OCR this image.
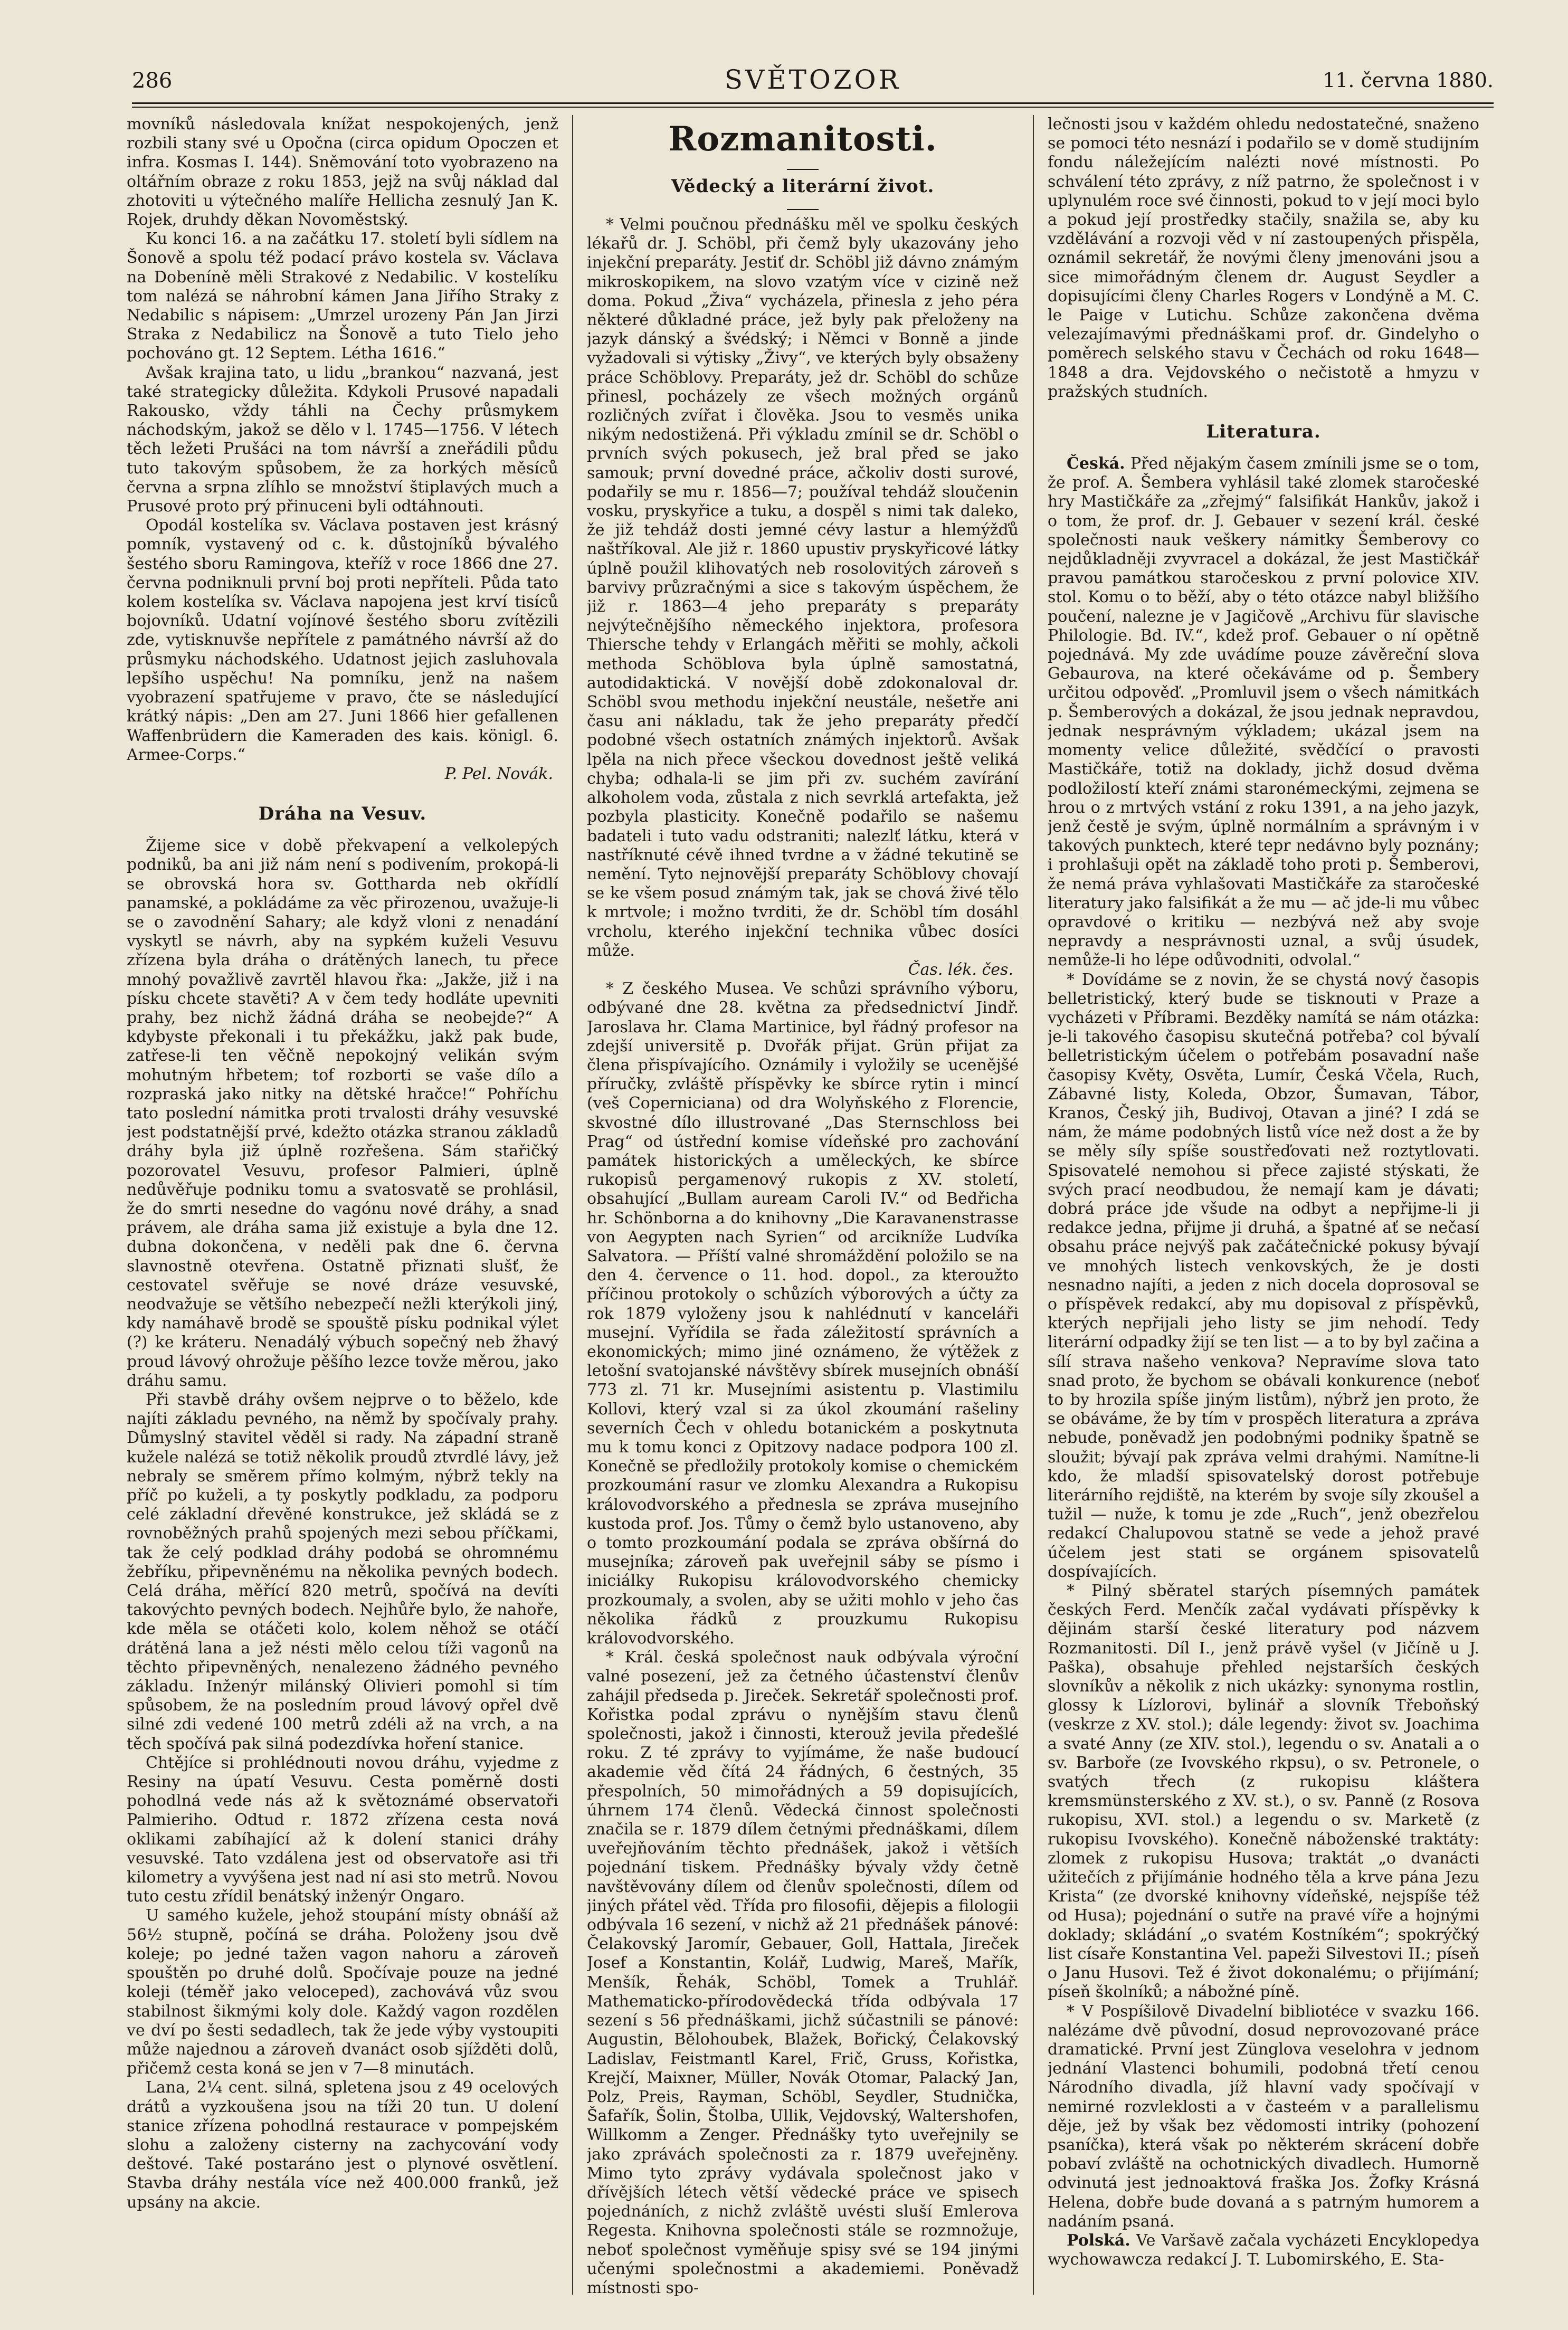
286	SVĚTOZOR	11. června 1880.

movníků následovala knížat nespokojených, jenž rozbili stany své u Opočna (circa opidum Opoczen et infra. Kosmas I. 144). Sněmování toto vyobrazeno na oltářním obraze z roku 1853, jejž na svůj náklad dal zhotoviti u výtečného malíře Hellicha zesnulý Jan K. Rojek, druhdy děkan Novoměstský.

Ku konci 16. a na začátku 17. století byli sídlem na Šonově a spolu též podací právo kostela sv. Václava na Dobeníně měli Strakové z Nedabilic. V kostelíku tom nalézá se náhrobní kámen Jana Jiřího Straky z Nedabilic s nápisem: „Umrzel urozeny Pán Jan Jirzi Straka z Nedabilicz na Šonově a tuto Tielo jeho pochováno gt. 12 Septem. Létha 1616.“

Avšak krajina tato, u lidu „brankou“ nazvaná, jest také strategicky důležita. Kdykoli Prusové napadali Rakousko, vždy táhli na Čechy průsmykem náchodským, jakož se dělo v l. 1745—1756. V létech těch ležeti Prušáci na tom návrší a zneřádili půdu tuto takovým spůsobem, že za horkých měsíců června a srpna zlíhlo se množství štiplavých much a Prusové proto prý přinuceni byli odtáhnouti.

Opodál kostelíka sv. Václava postaven jest krásný pomník, vystavený od c. k. důstojníků bývalého šestého sboru Ramingova, kteříž v roce 1866 dne 27. června podniknuli první boj proti nepříteli. Půda tato kolem kostelíka sv. Václava napojena jest krví tisíců bojovníků. Udatní vojínové šestého sboru zvítězili zde, vytisknuvše nepřítele z památného návrší až do průsmyku náchodského. Udatnost jejich zasluhovala lepšího uspěchu! Na pomníku, jenž na našem vyobrazení spatřujeme v pravo, čte se následující krátký nápis: „Den am 27. Juni 1866 hier gefallenen Waffenbrüdern die Kameraden des kais. königl. 6. Armee-Corps.“

P. Pel. Novák.
Dráha na Vesuv.

Žijeme sice v době překvapení a velkolepých podniků, ba ani již nám není s podivením, prokopá-li se obrovská hora sv. Gottharda neb okřídlí panamské, a pokládáme za věc přirozenou, uvažuje-li se o zavodnění Sahary; ale když vloni z nenadání vyskytl se návrh, aby na sypkém kuželi Vesuvu zřízena byla dráha o drátěných lanech, tu přece mnohý považlivě zavrtěl hlavou řka: „Jakže, již i na písku chcete stavěti? A v čem tedy hodláte upevniti prahy, bez nichž žádná dráha se neobejde?“ A kdybyste překonali i tu překážku, jakž pak bude, zatřese-li ten věčně nepokojný velikán svým mohutným hřbetem; tof rozborti se vaše dílo a rozpraská jako nitky na dětské hračce!“ Pohříchu tato poslední námitka proti trvalosti dráhy vesuvské jest podstatnější prvé, kdežto otázka stranou základů dráhy byla již úplně rozřešena. Sám stařičký pozorovatel Vesuvu, profesor Palmieri, úplně nedůvěřuje podniku tomu a svatosvatě se prohlásil, že do smrti nesedne do vagónu nové dráhy, a snad právem, ale dráha sama již existuje a byla dne 12. dubna dokončena, v neděli pak dne 6. června slavnostně otevřena. Ostatně přiznati slušť, že cestovatel svěřuje se nové dráze vesuvské, neodvažuje se většího nebezpečí nežli kterýkoli jiný, kdy namáhavě brodě se spouště písku podnikal výlet (?) ke kráteru. Nenadálý výbuch sopečný neb žhavý proud lávový ohrožuje pěšího lezce tovže měrou, jako dráhu samu.

Při stavbě dráhy ovšem nejprve o to běželo, kde najíti základu pevného, na němž by spočívaly prahy. Důmyslný stavitel věděl si rady. Na západní straně kužele nalézá se totiž několik proudů ztvrdlé lávy, jež nebraly se směrem přímo kolmým, nýbrž tekly na příč po kuželi, a ty poskytly podkladu, za podporu celé základní dřevěné konstrukce, jež skládá se z rovnoběžných prahů spojených mezi sebou příčkami, tak že celý podklad dráhy podobá se ohromnému žebříku, připevněnému na několika pevných bodech. Celá dráha, měřící 820 metrů, spočívá na devíti takovýchto pevných bodech. Nejhůře bylo, že nahoře, kde měla se otáčeti kolo, kolem něhož se otáčí drátěná lana a jež nésti mělo celou tíži vagonů na těchto připevněných, nenalezeno žádného pevného základu. Inženýr milánský Olivieri pomohl si tím spůsobem, že na posledním proud lávový opřel dvě silné zdi vedené 100 metrů zdéli až na vrch, a na těch spočívá pak silná podezdívka hoření stanice.

Chtějíce si prohlédnouti novou dráhu, vyjedme z Resiny na úpatí Vesuvu. Cesta poměrně dosti pohodlná vede nás až k světoznámé observatoři Palmieriho. Odtud r. 1872 zřízena cesta nová oklikami zabíhající až k dolení stanici dráhy vesuvské. Tato vzdálena jest od observatoře asi tři kilometry a vyvýšena jest nad ní asi sto metrů. Novou tuto cestu zřídil benátský inženýr Ongaro.

U samého kužele, jehož stoupání místy obnáší až 56½ stupně, počíná se dráha. Položeny jsou dvě koleje; po jedné tažen vagon nahoru a zároveň spouštěn po druhé dolů. Spočívaje pouze na jedné koleji (téměř jako veloceped), zachovává vůz svou stabilnost šikmými koly dole. Každý vagon rozdělen ve dví po šesti sedadlech, tak že jede výby vystoupiti může najednou a zároveň dvanáct osob sjížděti dolů, přičemž cesta koná se jen v 7—8 minutách.

Lana, 2¼ cent. silná, spletena jsou z 49 ocelových drátů a vyzkoušena jsou na tíži 20 tun. U dolení stanice zřízena pohodlná restaurace v pompejském slohu a založeny cisterny na zachycování vody deštové. Také postaráno jest o plynové osvětlení. Stavba dráhy nestála více než 400.000 franků, jež upsány na akcie.

Rozmanitosti.
Vědecký a literární život.

* Velmi poučnou přednášku měl ve spolku českých lékařů dr. J. Schöbl, při čemž byly ukazovány jeho injekční preparáty. Jestiť dr. Schöbl již dávno známým mikroskopikem, na slovo vzatým více v cizině než doma. Pokud „Živa“ vycházela, přinesla z jeho péra některé důkladné práce, jež byly pak přeloženy na jazyk dánský a švédský; i Němci v Bonně a jinde vyžadovali si výtisky „Živy“, ve kterých byly obsaženy práce Schöblovy. Preparáty, jež dr. Schöbl do schůze přinesl, pocházely ze všech možných orgánů rozličných zvířat i člověka. Jsou to vesměs unika nikým nedostižená. Při výkladu zmínil se dr. Schöbl o prvních svých pokusech, jež bral před se jako samouk; první dovedné práce, ačkoliv dosti surové, podařily se mu r. 1856—7; používal tehdáž sloučenin vosku, pryskyřice a tuku, a dospěl s nimi tak daleko, že již tehdáž dosti jemné cévy lastur a hlemýžďů naštříkoval. Ale již r. 1860 upustiv pryskyřicové látky úplně použil klihovatých neb rosolovitých zároveň s barvivy průzračnými a sice s takovým úspěchem, že již r. 1863—4 jeho preparáty s preparáty nejvýtečnějšího německého injektora, profesora Thiersche tehdy v Erlangách měřiti se mohly, ačkoli methoda Schöblova byla úplně samostatná, autodidaktická. V novější době zdokonaloval dr. Schöbl svou methodu injekční neustále, nešetře ani času ani nákladu, tak že jeho preparáty předčí podobné všech ostatních známých injektorů. Avšak lpěla na nich přece všeckou dovednost ještě veliká chyba; odhala-li se jim při zv. suchém zavírání alkoholem voda, zůstala z nich sevrklá artefakta, jež pozbyla plasticity. Konečně podařilo se našemu badateli i tuto vadu odstraniti; nalezlť látku, která v nastříknuté cévě ihned tvrdne a v žádné tekutině se nemění. Tyto nejnovější preparáty Schöblovy chovají se ke všem posud známým tak, jak se chová živé tělo k mrtvole; i možno tvrditi, že dr. Schöbl tím dosáhl vrcholu, kterého injekční technika vůbec dosíci může.

Čas. lék. čes.

* Z českého Musea. Ve schůzi správního výboru, odbývané dne 28. května za předsednictví Jindř. Jaroslava hr. Clama Martinice, byl řádný profesor na zdejší universitě p. Dvořák přijat. Grün přijat za člena přispívajícího. Oznámily i vyložily se ucenějšé příručky, zvláště příspěvky ke sbírce rytin i mincí (veš Copernicianа) od dra Wolyňského z Florencie, skvostné dílo illustrované „Das Sternschloss bei Prag“ od ústřední komise vídeňské pro zachování památek historických a uměleckých, ke sbírce rukopisů pergamenový rukopis z XV. století, obsahující „Bullam auream Caroli IV.“ od Bedřicha hr. Schönborna a do knihovny „Die Karavanenstrasse von Aegypten nach Syrien“ od arcikníže Ludvíka Salvatora. — Příští valné shromáždění položilo se na den 4. července o 11. hod. dopol., za kteroužto příčinou protokoly o schůzích výborových a účty za rok 1879 vyloženy jsou k nahlédnutí v kanceláři musejní. Vyřídila se řada záležitostí správních a ekonomických; mimo jiné oznámeno, že výtěžek z letošní svatojanské návštěvy sbírek musejních obnáší 773 zl. 71 kr. Musejními asistentu p. Vlastimilu Kollovi, který vzal si za úkol zkoumání rašeliny severních Čech v ohledu botanickém a poskytnuta mu k tomu konci z Opitzovy nadace podpora 100 zl. Konečně se předložily protokoly komise o chemickém prozkoumání rasur ve zlomku Alexandra a Rukopisu královodvorského a přednesla se zpráva musejního kustoda prof. Jos. Tůmy o čemž bylo ustanoveno, aby o tomto prozkoumání podala se zpráva obšírná do musejníka; zároveň pak uveřejnil sáby se písmo i iniciálky Rukopisu královodvorského chemicky prozkoumaly, a svolen, aby se užiti mohlo v jeho čas několika řádků z prouzkumu Rukopisu královodvorského.

* Král. česká společnost nauk odbývala výroční valné posezení, jež za četného účastenství členův zahájil předseda p. Jireček. Sekretář společnosti prof. Kořistka podal zprávu o nynějším stavu členů společnosti, jakož i činnosti, kterouž jevila předešlé roku. Z té zprávy to vyjímáme, že naše budoucí akademie věd čítá 24 řádných, 6 čestných, 35 přespolních, 50 mimořádných a 59 dopisujících, úhrnem 174 členů. Vědecká činnost společnosti značila se r. 1879 dílem četnými přednáškami, dílem uveřejňováním těchto přednášek, jakož i větších pojednání tiskem. Přednášky bývaly vždy četně navštěvovány dílem od členův společnosti, dílem od jiných přátel věd. Třída pro filosofii, dějepis a filologii odbývala 16 sezení, v nichž až 21 přednášek pánové: Čelakovský Jaromír, Gebauer, Goll, Hattala, Jireček Josef a Konstantin, Kolář, Ludwig, Mareš, Mařík, Menšík, Řehák, Schöbl, Tomek a Truhlář. Mathematicko-přírodovědecká třída odbývala 17 sezení s 56 přednáškami, jichž súčastnili se pánové: Augustin, Bělohoubek, Blažek, Bořický, Čelakovský Ladislav, Feistmantl Karel, Frič, Gruss, Kořistka, Krejčí, Maixner, Müller, Novák Otomar, Palacký Jan, Polz, Preis, Rayman, Schöbl, Seydler, Studnička, Šafařík, Šolin, Štolba, Ullik, Vejdovský, Waltershofen, Willkomm a Zenger. Přednášky tyto uveřejnily se jako zprávách společnosti za r. 1879 uveřejněny. Mimo tyto zprávy vydávala společnost jako v dřívějších létech větší vědecké práce ve spisech pojednáních, z nichž zvláště uvésti sluší Emlerova Regesta. Knihovna společnosti stále se rozmnožuje, neboť společnost vyměňuje spisy své se 194 jinými učenými společnostmi a akademiemi. Poněvadž místnosti spo-

lečnosti jsou v každém ohledu nedostatečné, snaženo se pomoci této nesnází i podařilo se v domě studijním fondu náležejícím nalézti nové místnosti. Po schválení této zprávy, z níž patrno, že společnost i v uplynulém roce své činnosti, pokud to v její moci bylo a pokud její prostředky stačily, snažila se, aby ku vzdělávání a rozvoji věd v ní zastoupených přispěla, oznámil sekretář, že novými členy jmenováni jsou a sice mimořádným členem dr. August Seydler a dopisujícími členy Charles Rogers v Londýně a M. C. le Paige v Lutichu. Schůze zakončena dvěma velezajímavými přednáškami prof. dr. Gindelyho o poměrech selského stavu v Čechách od roku 1648—1848 a dra. Vejdovského o nečistotě a hmyzu v pražských studních.

Literatura.

Česká. Před nějakým časem zmínili jsme se o tom, že prof. A. Šembera vyhlásil také zlomek staročeské hry Mastičkáře za „zřejmý“ falsifikát Hankův, jakož i o tom, že prof. dr. J. Gebauer v sezení král. české společnosti nauk veškery námitky Šemberovy co nejdůkladněji zvyvracel a dokázal, že jest Mastičkář pravou památkou staročeskou z první polovice XIV. stol. Komu o to běží, aby o této otázce nabyl bližšího poučení, nalezne je v Jagičově „Archivu für slavische Philologie. Bd. IV.“, kdež prof. Gebauer o ní opětně pojednává. My zde uvádíme pouze závěreční slova Gebaurova, na které očekáváme od p. Šembery určitou odpověď. „Promluvil jsem o všech námitkách p. Šemberových a dokázal, že jsou jednak nepravdou, jednak nesprávným výkladem; ukázal jsem na momenty velice důležité, svědčící o pravosti Mastičkáře, totiž na doklady, jichž dosud dvěma podložilostí kteří známi staronémeckými, zejmena se hrou o z mrtvých vstání z roku 1391, a na jeho jazyk, jenž čestě je svým, úplně normálním a správným i v takových punktech, které tepr nedávno byly poznány; i prohlašuji opět na základě toho proti p. Šemberovi, že nemá práva vyhlašovati Mastičkáře za staročeské literatury jako falsifikát a že mu — ač jde-li mu vůbec opravdové o kritiku — nezbývá než aby svoje nepravdy a nesprávnosti uznal, a svůj úsudek, nemůže-li ho lépe odůvodniti, odvolal.“

* Dovídáme se z novin, že se chystá nový časopis belletristický, který bude se tisknouti v Praze a vycházeti v Příbrami. Bezděky namítá se nám otázka: je-li takového časopisu skutečná potřeba? col bývalí belletristickým účelem o potřebám posavadní naše časopisy Květy, Osvěta, Lumír, Česká Včela, Ruch, Zábavné listy, Koleda, Obzor, Šumavan, Tábor, Kranos, Český jih, Budivoj, Otavan a jiné? I zdá se nám, že máme podobných listů více než dost a že by se měly síly spíše soustřeďovati než roztytlovati. Spisovatelé nemohou si přece zajisté stýskati, že svých prací neodbudou, že nemají kam je dávati; dobrá práce jde všude na odbyt a nepřijme-li ji redakce jedna, přijme ji druhá, a špatné ať se nečasí obsahu práce nejvýš pak začátečnické pokusy bývají ve mnohých listech venkovských, že je dosti nesnadno najíti, a jeden z nich docela doprosoval se o příspěvek redakcí, aby mu dopisoval z příspěvků, kterých nepřijali jeho listy se jim nehodí. Tedy literární odpadky žijí se ten list — a to by byl začina a sílí strava našeho venkova? Nepravíme slova tato snad proto, že bychom se obávali konkurence (neboť to by hrozila spíše jiným listům), nýbrž jen proto, že se obáváme, že by tím v prospěch literatura a zpráva nebude, poněvadž jen podobnými podniky špatně se sloužit; bývají pak zpráva velmi drahými. Namítne-li kdo, že mladší spisovatelský dorost potřebuje literárního rejdiště, na kterém by svoje síly zkoušel a tužil — nuže, k tomu je zde „Ruch“, jenž obezřelou redakcí Chalupovou statně se vede a jehož pravé účelem jest stati se orgánem spisovatelů dospívajících.

* Pilný sběratel starých písemných památek českých Ferd. Menčík začal vydávati příspěvky k dějinám starší české literatury pod názvem Rozmanitosti. Díl I., jenž právě vyšel (v Jičíně u J. Paška), obsahuje přehled nejstarších českých slovníkův a několik z nich ukázky: synonyma rostlin, glossy k Lízlorovi, bylinář a slovník Třeboňský (veskrze z XV. stol.); dále legendy: život sv. Joachima a svaté Anny (ze XIV. stol.), legendu o sv. Anatali a o sv. Barboře (ze Ivovského rkpsu), o sv. Petronele, o svatých třech (z rukopisu kláštera kremsmünsterského z XV. st.), o sv. Panně (z Rosova rukopisu, XVI. stol.) a legendu o sv. Marketě (z rukopisu Ivovského). Konečně náboženské traktáty: zlomek z rukopisu Husova; traktát „o dvanácti užitečích z přijímánie hodného těla a krve pána Jezu Krista“ (ze dvorské knihovny vídeňské, nejspíše též od Husa); pojednání o sutře na pravé víře a hojnými doklady; skládání „o svatém Kostníkém“; spokrýčký list císaře Konstantina Vel. papeži Silvestovi II.; píseň o Janu Husovi. Tež é život dokonalému; o přijímání; píseň školníků; a nábožné píně.

* V Pospíšilově Divadelní bibliotéce v svazku 166. nalézáme dvě původní, dosud neprovozované práce dramatické. První jest Zünglova veselohra v jednom jednání Vlastenci bohumili, podobná třetí cenou Národního divadla, jíž hlavní vady spočívají v nemirné rozvleklosti a v časteém v a parallelismu děje, jež by však bez vědomosti intriky (pohození psaníčka), která však po některém skrácení dobře pobaví zvláště na ochotnických divadlech. Humorně odvinutá jest jednoaktová fraška Jos. Žofky Krásná Helena, dobře bude dovaná a s patrným humorem a nadáním psaná.

Polská. Ve Varšavě začala vycházeti Encyklopedya wychowawcza redakcí J. T. Lubomirského, E. Sta-
